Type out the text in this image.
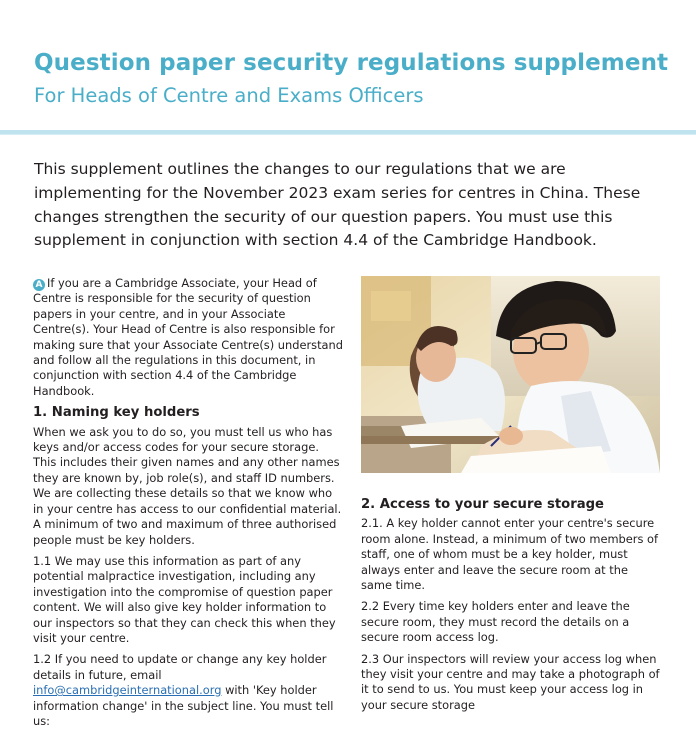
Question paper security regulations supplement
For Heads of Centre and Exams Officers
This supplement outlines the changes to our regulations that we are implementing for the November 2023 exam series for centres in China. These changes strengthen the security of our question papers. You must use this supplement in conjunction with section 4.4 of the Cambridge Handbook.

A If you are a Cambridge Associate, your Head of Centre is responsible for the security of question papers in your centre, and in your Associate Centre(s). Your Head of Centre is also responsible for making sure that your Associate Centre(s) understand and follow all the regulations in this document, in conjunction with section 4.4 of the Cambridge Handbook.

1. Naming key holders

When we ask you to do so, you must tell us who has keys and/or access codes for your secure storage. This includes their given names and any other names they are known by, job role(s), and staff ID numbers. We are collecting these details so that we know who in your centre has access to our confidential material. A minimum of two and maximum of three authorised people must be key holders.

1.1 We may use this information as part of any potential malpractice investigation, including any investigation into the compromise of question paper content. We will also give key holder information to our inspectors so that they can check this when they visit your centre.

1.2 If you need to update or change any key holder details in future, email info@cambridgeinternational.org with 'Key holder information change' in the subject line. You must tell us:

2. Access to your secure storage

2.1. A key holder cannot enter your centre's secure room alone. Instead, a minimum of two members of staff, one of whom must be a key holder, must always enter and leave the secure room at the same time.

2.2 Every time key holders enter and leave the secure room, they must record the details on a secure room access log.

2.3 Our inspectors will review your access log when they visit your centre and may take a photograph of it to send to us. You must keep your access log in your secure storage
